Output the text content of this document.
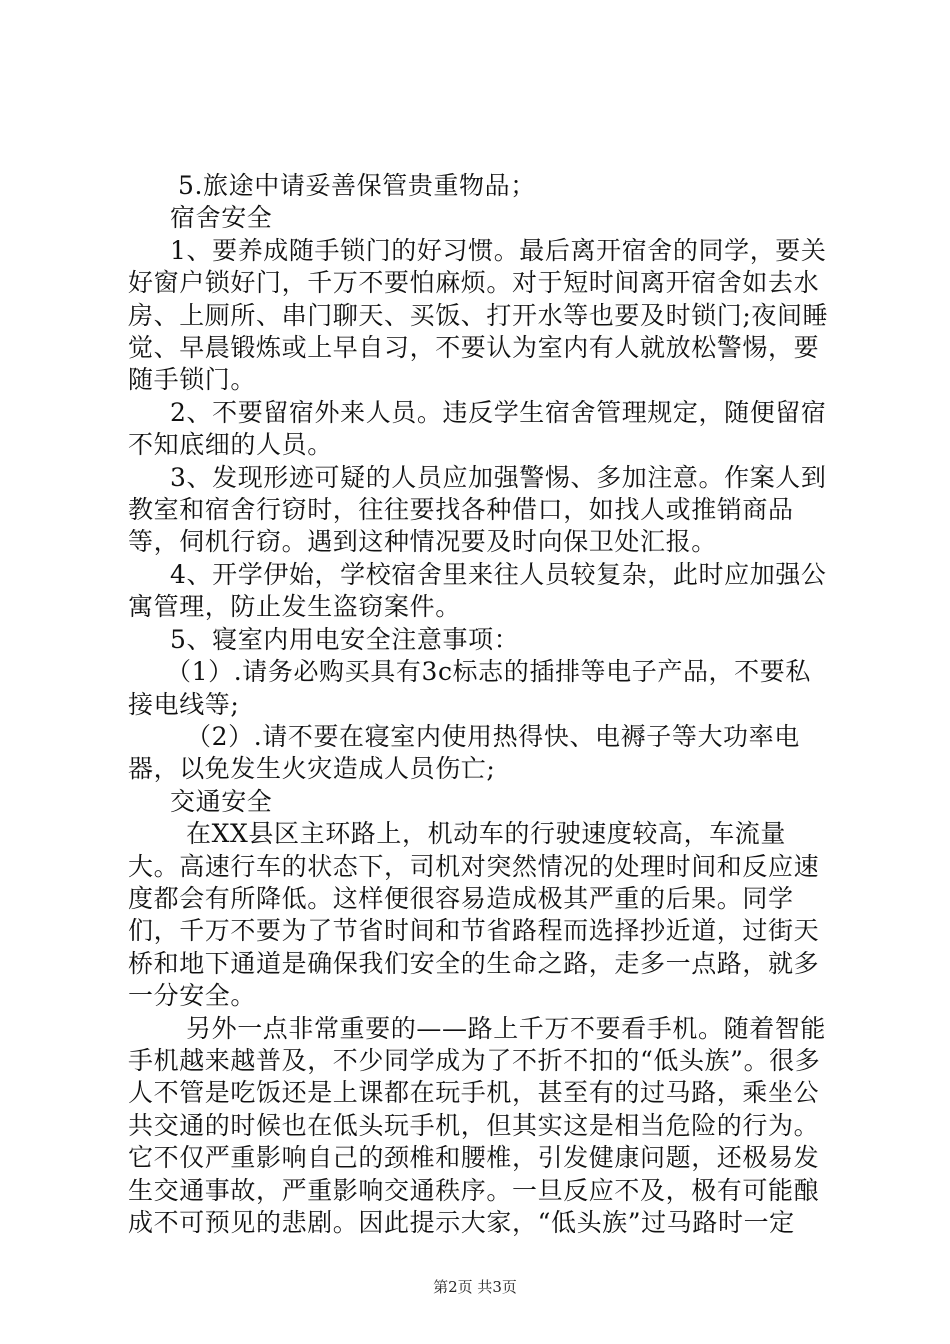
5.旅途中请妥善保管贵重物品；

宿舍安全

1、要养成随手锁门的好习惯。最后离开宿舍的同学，要关好窗户锁好门，千万不要怕麻烦。对于短时间离开宿舍如去水房、上厕所、串门聊天、买饭、打开水等也要及时锁门;夜间睡觉、早晨锻炼或上早自习，不要认为室内有人就放松警惕，要随手锁门。

2、不要留宿外来人员。违反学生宿舍管理规定，随便留宿不知底细的人员。

3、发现形迹可疑的人员应加强警惕、多加注意。作案人到教室和宿舍行窃时，往往要找各种借口，如找人或推销商品等，伺机行窃。遇到这种情况要及时向保卫处汇报。

4、开学伊始，学校宿舍里来往人员较复杂，此时应加强公寓管理，防止发生盗窃案件。

5、寝室内用电安全注意事项：

（1）.请务必购买具有3c标志的插排等电子产品，不要私接电线等;

（2）.请不要在寝室内使用热得快、电褥子等大功率电器，以免发生火灾造成人员伤亡;

交通安全

在XX县区主环路上，机动车的行驶速度较高，车流量大。高速行车的状态下，司机对突然情况的处理时间和反应速度都会有所降低。这样便很容易造成极其严重的后果。同学们，千万不要为了节省时间和节省路程而选择抄近道，过街天桥和地下通道是确保我们安全的生命之路，走多一点路，就多一分安全。

另外一点非常重要的——路上千万不要看手机。随着智能手机越来越普及，不少同学成为了不折不扣的“低头族”。很多人不管是吃饭还是上课都在玩手机，甚至有的过马路，乘坐公共交通的时候也在低头玩手机，但其实这是相当危险的行为。它不仅严重影响自己的颈椎和腰椎，引发健康问题，还极易发生交通事故，严重影响交通秩序。一旦反应不及，极有可能酿成不可预见的悲剧。因此提示大家，“低头族”过马路时一定

第2页 共3页
